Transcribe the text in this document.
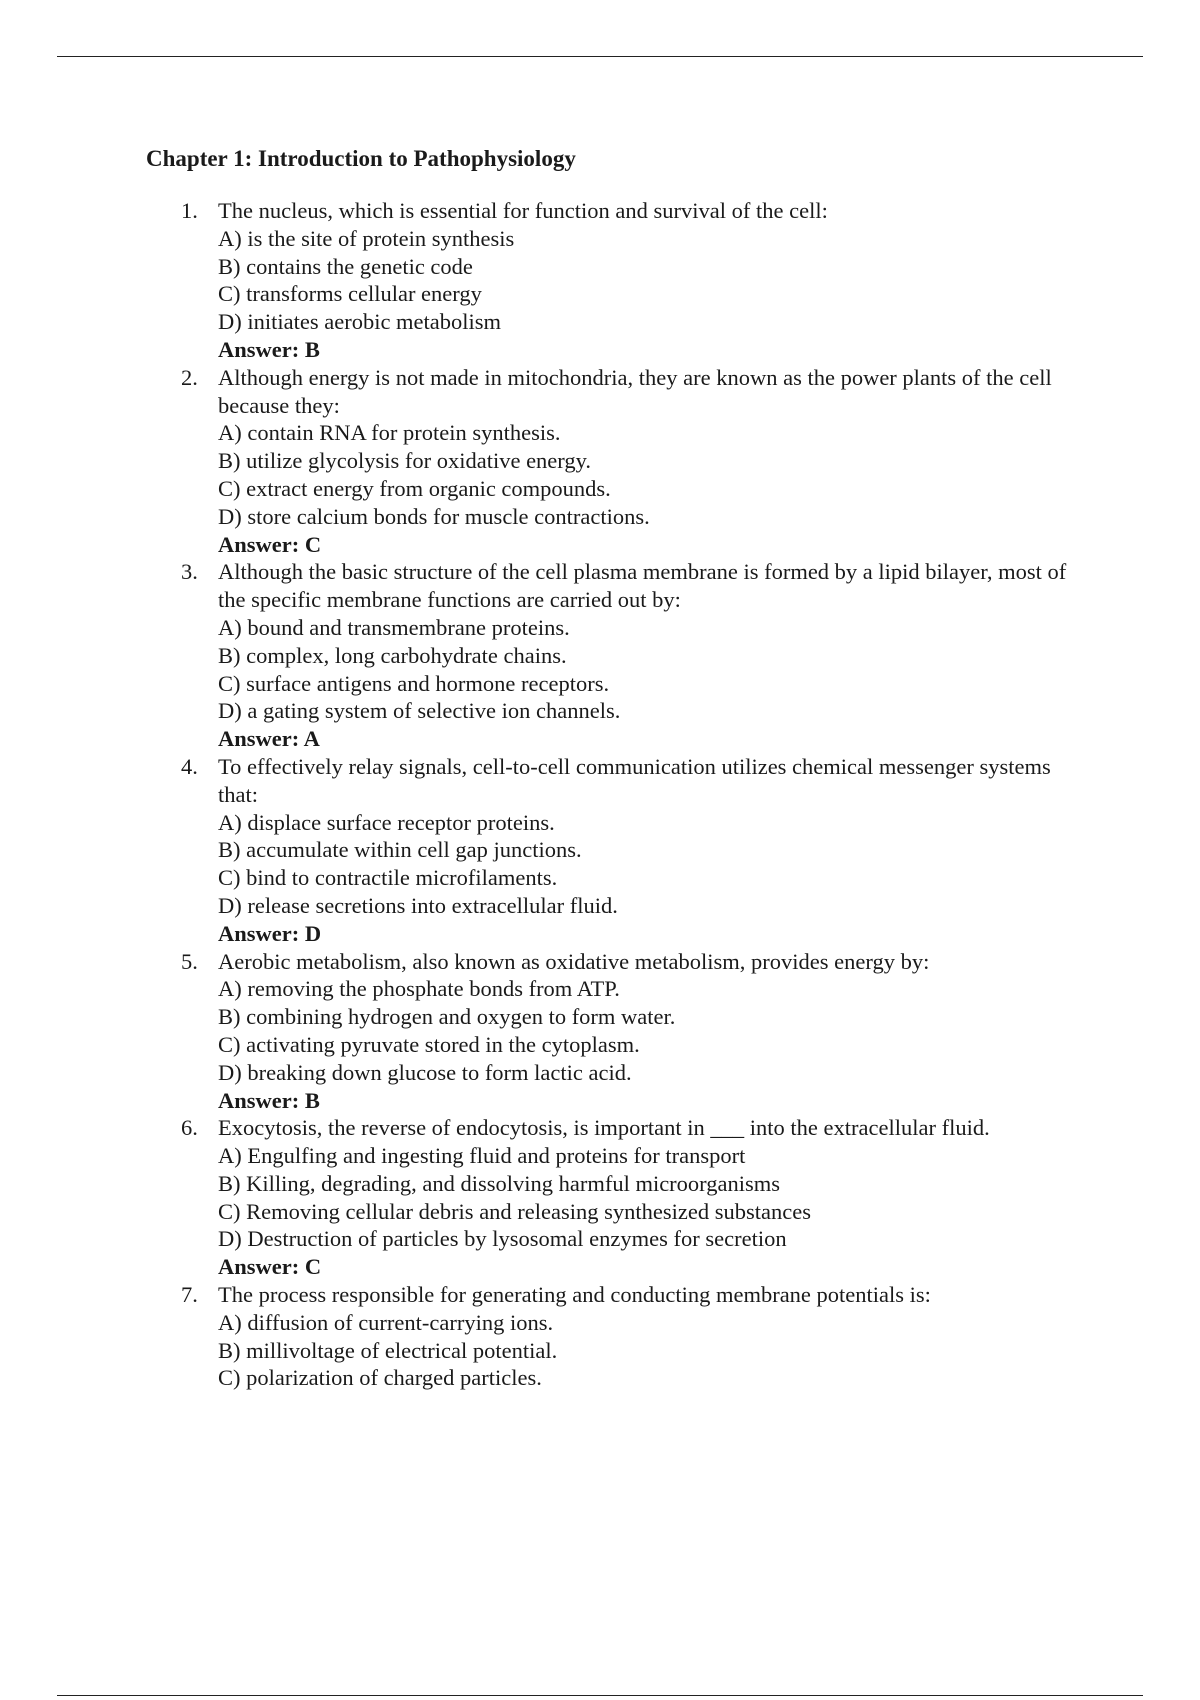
Chapter 1: Introduction to Pathophysiology
1. The nucleus, which is essential for function and survival of the cell:
A) is the site of protein synthesis
B) contains the genetic code
C) transforms cellular energy
D) initiates aerobic metabolism
Answer: B
2. Although energy is not made in mitochondria, they are known as the power plants of the cell because they:
A) contain RNA for protein synthesis.
B) utilize glycolysis for oxidative energy.
C) extract energy from organic compounds.
D) store calcium bonds for muscle contractions.
Answer: C
3. Although the basic structure of the cell plasma membrane is formed by a lipid bilayer, most of the specific membrane functions are carried out by:
A) bound and transmembrane proteins.
B) complex, long carbohydrate chains.
C) surface antigens and hormone receptors.
D) a gating system of selective ion channels.
Answer: A
4. To effectively relay signals, cell-to-cell communication utilizes chemical messenger systems that:
A) displace surface receptor proteins.
B) accumulate within cell gap junctions.
C) bind to contractile microfilaments.
D) release secretions into extracellular fluid.
Answer: D
5. Aerobic metabolism, also known as oxidative metabolism, provides energy by:
A) removing the phosphate bonds from ATP.
B) combining hydrogen and oxygen to form water.
C) activating pyruvate stored in the cytoplasm.
D) breaking down glucose to form lactic acid.
Answer: B
6. Exocytosis, the reverse of endocytosis, is important in ___ into the extracellular fluid.
A) Engulfing and ingesting fluid and proteins for transport
B) Killing, degrading, and dissolving harmful microorganisms
C) Removing cellular debris and releasing synthesized substances
D) Destruction of particles by lysosomal enzymes for secretion
Answer: C
7. The process responsible for generating and conducting membrane potentials is:
A) diffusion of current-carrying ions.
B) millivoltage of electrical potential.
C) polarization of charged particles.
